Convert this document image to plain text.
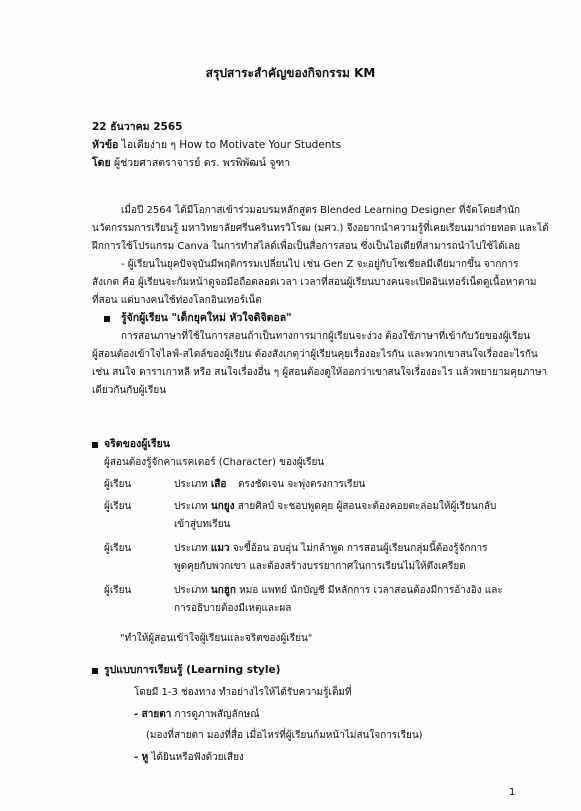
สรุปสาระสำคัญของกิจกรรม KM
22 ธันวาคม 2565
หัวข้อ ไอเดียง่าย ๆ How to Motivate Your Students
โดย ผู้ช่วยศาสตราจารย์ ดร. พรพิพัฒน์ จูฑา
เมื่อปี 2564 ได้มีโอกาสเข้าร่วมอบรมหลักสูตร Blended Learning Designer ที่จัดโดยสำนัก
นวัตกรรมการเรียนรู้ มหาวิทยาลัยศรีนครินทรวิโรฒ (มศว.) จึงอยากนำความรู้ที่เคยเรียนมาถ่ายทอด และได้
ฝึกการใช้โปรแกรม Canva ในการทำสไลด์เพื่อเป็นสื่อการสอน ซึ่งเป็นไอเดียที่สามารถนำไปใช้ได้เลย
- ผู้เรียนในยุคปัจจุบันมีพฤติกรรมเปลี่ยนไป เช่น Gen Z จะอยู่กับโซเชียลมีเดียมากขึ้น จากการ
สังเกต คือ ผู้เรียนจะก้มหน้าดูจอมือถือตลอดเวลา เวลาที่สอนผู้เรียนบางคนจะเปิดอินเทอร์เน็ตดูเนื้อหาตาม
ที่สอน แต่บางคนใช้ท่องโลกอินเทอร์เน็ต
รู้จักผู้เรียน "เด็กยุคใหม่ หัวใจดิจิตอล"
การสอนภาษาที่ใช้ในการสอนถ้าเป็นทางการมากผู้เรียนจะง่วง ต้องใช้ภาษาที่เข้ากับวัยของผู้เรียน
ผู้สอนต้องเข้าใจไลฟ์-สไตล์ของผู้เรียน ต้องสังเกตุว่าผู้เรียนคุยเรื่องอะไรกัน และพวกเขาสนใจเรื่องอะไรกัน
เช่น สนใจ ดาราเกาหลี หรือ สนใจเรื่องอื่น ๆ ผู้สอนต้องดูให้ออกว่าเขาสนใจเรื่องอะไร แล้วพยายามคุยภาษา
เดียวกันกับผู้เรียน
จริตของผู้เรียน
ผู้สอนต้องรู้จักคาแรคเตอร์ (Character) ของผู้เรียน
ผู้เรียน	ประเภท เสือ ตรงชัดเจน จะพุ่งตรงการเรียน
ผู้เรียน	ประเภท นกยูง สายศิลป์ จะชอบพูดคุย ผู้สอนจะต้องคอยตะล่อมให้ผู้เรียนกลับ
เข้าสู่บทเรียน
ผู้เรียน	ประเภท แมว จะขี้อ้อน อบอุ่น ไม่กล้าพูด การสอนผู้เรียนกลุ่มนี้ต้องรู้จักการ
พูดคุยกับพวกเขา และต้องสร้างบรรยากาศในการเรียนไม่ให้ตึงเครียด
ผู้เรียน	ประเภท นกฮูก หมอ แพทย์ นักบัญชี มีหลักการ เวลาสอนต้องมีการอ้างอิง และ
การอธิบายต้องมีเหตุและผล
"ทำให้ผู้สอนเข้าใจผู้เรียนและจริตของผู้เรียน"
รูปแบบการเรียนรู้ (Learning style)
โดยมี 1-3 ช่องทาง ทำอย่างไรให้ได้รับความรู้เต็มที่
- สายตา การดูภาพสัญลักษณ์
(มองที่สายตา มองที่สื่อ เมื่อไหร่ที่ผู้เรียนก้มหน้าไม่สนใจการเรียน)
- หู ได้ยินหรือฟังด้วยเสียง
1
